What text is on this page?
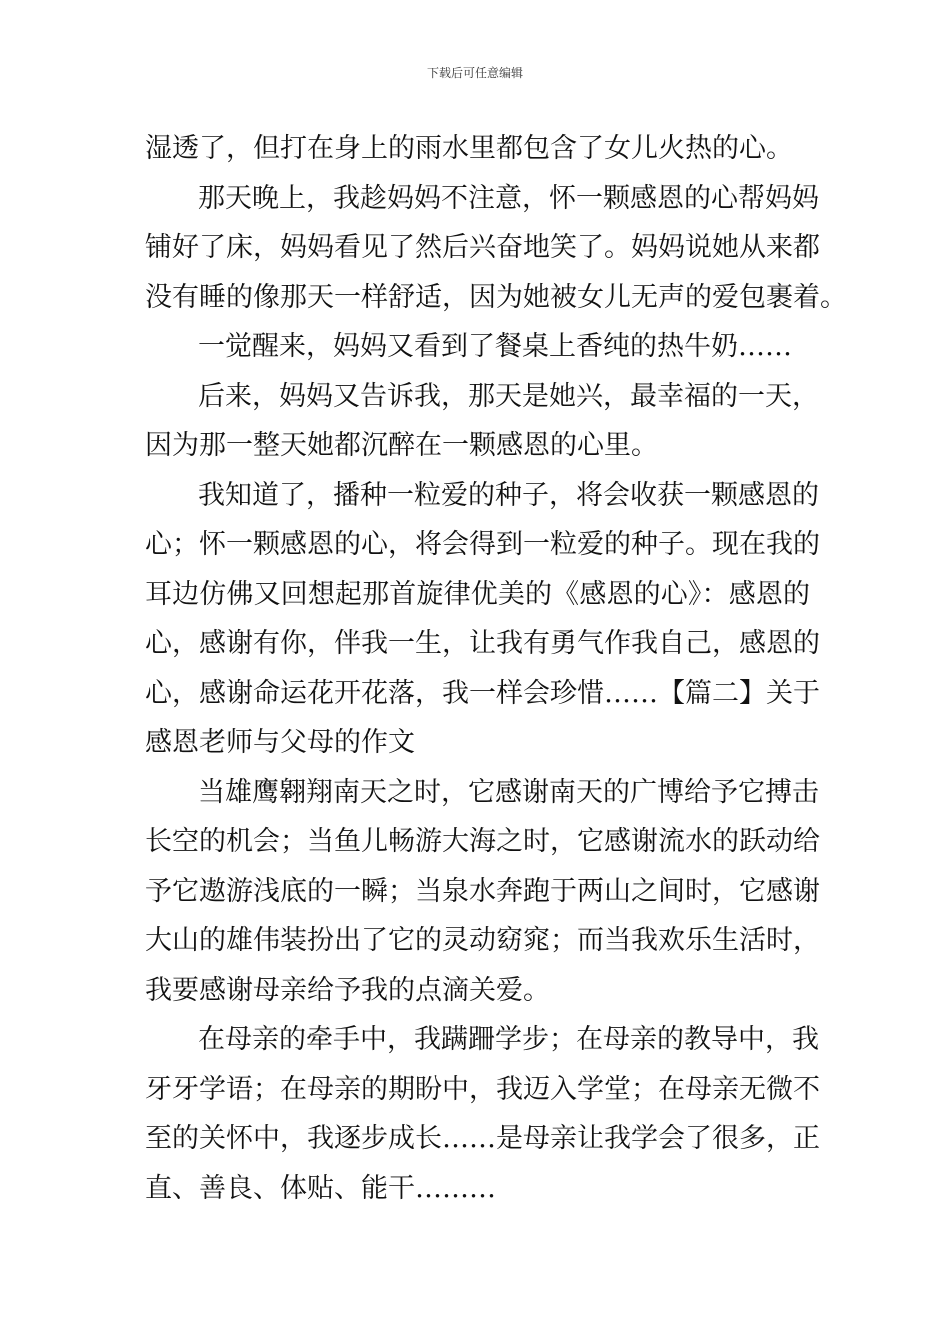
下载后可任意编辑
湿透了，但打在身上的雨水里都包含了女儿火热的心。
那天晚上，我趁妈妈不注意，怀一颗感恩的心帮妈妈
铺好了床，妈妈看见了然后兴奋地笑了。妈妈说她从来都
没有睡的像那天一样舒适，因为她被女儿无声的爱包裹着。
一觉醒来，妈妈又看到了餐桌上香纯的热牛奶……
后来，妈妈又告诉我，那天是她兴，最幸福的一天，
因为那一整天她都沉醉在一颗感恩的心里。
我知道了，播种一粒爱的种子，将会收获一颗感恩的
心；怀一颗感恩的心，将会得到一粒爱的种子。现在我的
耳边仿佛又回想起那首旋律优美的《感恩的心》：感恩的
心，感谢有你，伴我一生，让我有勇气作我自己，感恩的
心，感谢命运花开花落，我一样会珍惜……【篇二】关于
感恩老师与父母的作文
当雄鹰翱翔南天之时，它感谢南天的广博给予它搏击
长空的机会；当鱼儿畅游大海之时，它感谢流水的跃动给
予它遨游浅底的一瞬；当泉水奔跑于两山之间时，它感谢
大山的雄伟装扮出了它的灵动窈窕；而当我欢乐生活时，
我要感谢母亲给予我的点滴关爱。
在母亲的牵手中，我蹒跚学步；在母亲的教导中，我
牙牙学语；在母亲的期盼中，我迈入学堂；在母亲无微不
至的关怀中，我逐步成长……是母亲让我学会了很多，正
直、善良、体贴、能干………
